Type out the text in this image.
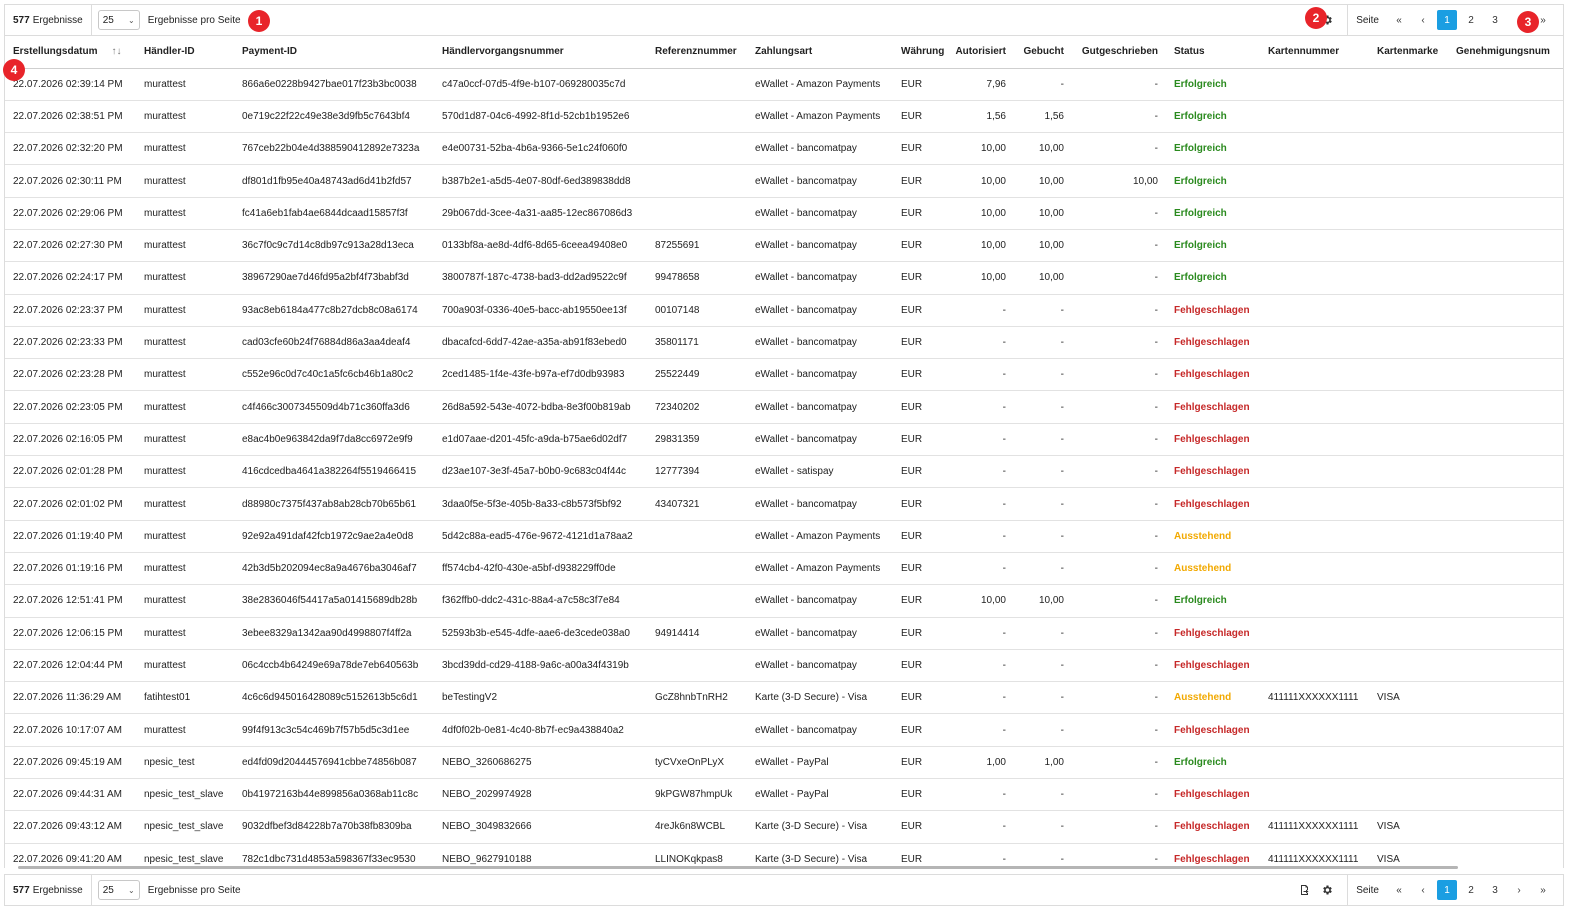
577 Ergebnisse 25 ⌄ Ergebnisse pro Seite	Seite	«	‹	1	2	3	»
1	2	3
4
Erstellungsdatum ↑↓	Händler-ID	Payment-ID	Händlervorgangsnummer	Referenznummer	Zahlungsart	Währung	Autorisiert	Gebucht	Gutgeschrieben	Status	Kartennummer	Kartenmarke	Genehmigungsnum
22.07.2026 02:39:14 PM	murattest	866a6e0228b9427bae017f23b3bc0038	c47a0ccf-07d5-4f9e-b107-069280035c7d		eWallet - Amazon Payments	EUR	7,96	-	-	Erfolgreich			
22.07.2026 02:38:51 PM	murattest	0e719c22f22c49e38e3d9fb5c7643bf4	570d1d87-04c6-4992-8f1d-52cb1b1952e6		eWallet - Amazon Payments	EUR	1,56	1,56	-	Erfolgreich			
22.07.2026 02:32:20 PM	murattest	767ceb22b04e4d388590412892e7323a	e4e00731-52ba-4b6a-9366-5e1c24f060f0		eWallet - bancomatpay	EUR	10,00	10,00	-	Erfolgreich			
22.07.2026 02:30:11 PM	murattest	df801d1fb95e40a48743ad6d41b2fd57	b387b2e1-a5d5-4e07-80df-6ed389838dd8		eWallet - bancomatpay	EUR	10,00	10,00	10,00	Erfolgreich			
22.07.2026 02:29:06 PM	murattest	fc41a6eb1fab4ae6844dcaad15857f3f	29b067dd-3cee-4a31-aa85-12ec867086d3		eWallet - bancomatpay	EUR	10,00	10,00	-	Erfolgreich			
22.07.2026 02:27:30 PM	murattest	36c7f0c9c7d14c8db97c913a28d13eca	0133bf8a-ae8d-4df6-8d65-6ceea49408e0	87255691	eWallet - bancomatpay	EUR	10,00	10,00	-	Erfolgreich			
22.07.2026 02:24:17 PM	murattest	38967290ae7d46fd95a2bf4f73babf3d	3800787f-187c-4738-bad3-dd2ad9522c9f	99478658	eWallet - bancomatpay	EUR	10,00	10,00	-	Erfolgreich			
22.07.2026 02:23:37 PM	murattest	93ac8eb6184a477c8b27dcb8c08a6174	700a903f-0336-40e5-bacc-ab19550ee13f	00107148	eWallet - bancomatpay	EUR	-	-	-	Fehlgeschlagen			
22.07.2026 02:23:33 PM	murattest	cad03cfe60b24f76884d86a3aa4deaf4	dbacafcd-6dd7-42ae-a35a-ab91f83ebed0	35801171	eWallet - bancomatpay	EUR	-	-	-	Fehlgeschlagen			
22.07.2026 02:23:28 PM	murattest	c552e96c0d7c40c1a5fc6cb46b1a80c2	2ced1485-1f4e-43fe-b97a-ef7d0db93983	25522449	eWallet - bancomatpay	EUR	-	-	-	Fehlgeschlagen			
22.07.2026 02:23:05 PM	murattest	c4f466c3007345509d4b71c360ffa3d6	26d8a592-543e-4072-bdba-8e3f00b819ab	72340202	eWallet - bancomatpay	EUR	-	-	-	Fehlgeschlagen			
22.07.2026 02:16:05 PM	murattest	e8ac4b0e963842da9f7da8cc6972e9f9	e1d07aae-d201-45fc-a9da-b75ae6d02df7	29831359	eWallet - bancomatpay	EUR	-	-	-	Fehlgeschlagen			
22.07.2026 02:01:28 PM	murattest	416cdcedba4641a382264f5519466415	d23ae107-3e3f-45a7-b0b0-9c683c04f44c	12777394	eWallet - satispay	EUR	-	-	-	Fehlgeschlagen			
22.07.2026 02:01:02 PM	murattest	d88980c7375f437ab8ab28cb70b65b61	3daa0f5e-5f3e-405b-8a33-c8b573f5bf92	43407321	eWallet - bancomatpay	EUR	-	-	-	Fehlgeschlagen			
22.07.2026 01:19:40 PM	murattest	92e92a491daf42fcb1972c9ae2a4e0d8	5d42c88a-ead5-476e-9672-4121d1a78aa2		eWallet - Amazon Payments	EUR	-	-	-	Ausstehend			
22.07.2026 01:19:16 PM	murattest	42b3d5b202094ec8a9a4676ba3046af7	ff574cb4-42f0-430e-a5bf-d938229ff0de		eWallet - Amazon Payments	EUR	-	-	-	Ausstehend			
22.07.2026 12:51:41 PM	murattest	38e2836046f54417a5a01415689db28b	f362ffb0-ddc2-431c-88a4-a7c58c3f7e84		eWallet - bancomatpay	EUR	10,00	10,00	-	Erfolgreich			
22.07.2026 12:06:15 PM	murattest	3ebee8329a1342aa90d4998807f4ff2a	52593b3b-e545-4dfe-aae6-de3cede038a0	94914414	eWallet - bancomatpay	EUR	-	-	-	Fehlgeschlagen			
22.07.2026 12:04:44 PM	murattest	06c4ccb4b64249e69a78de7eb640563b	3bcd39dd-cd29-4188-9a6c-a00a34f4319b		eWallet - bancomatpay	EUR	-	-	-	Fehlgeschlagen			
22.07.2026 11:36:29 AM	fatihtest01	4c6c6d945016428089c5152613b5c6d1	beTestingV2	GcZ8hnbTnRH2	Karte (3-D Secure) - Visa	EUR	-	-	-	Ausstehend	411111XXXXXX1111	VISA	
22.07.2026 10:17:07 AM	murattest	99f4f913c3c54c469b7f57b5d5c3d1ee	4df0f02b-0e81-4c40-8b7f-ec9a438840a2		eWallet - bancomatpay	EUR	-	-	-	Fehlgeschlagen			
22.07.2026 09:45:19 AM	npesic_test	ed4fd09d20444576941cbbe74856b087	NEBO_3260686275	tyCVxeOnPLyX	eWallet - PayPal	EUR	1,00	1,00	-	Erfolgreich			
22.07.2026 09:44:31 AM	npesic_test_slave	0b41972163b44e899856a0368ab11c8c	NEBO_2029974928	9kPGW87hmpUk	eWallet - PayPal	EUR	-	-	-	Fehlgeschlagen			
22.07.2026 09:43:12 AM	npesic_test_slave	9032dfbef3d84228b7a70b38fb8309ba	NEBO_3049832666	4reJk6n8WCBL	Karte (3-D Secure) - Visa	EUR	-	-	-	Fehlgeschlagen	411111XXXXXX1111	VISA	
22.07.2026 09:41:20 AM	npesic_test_slave	782c1dbc731d4853a598367f33ec9530	NEBO_9627910188	LLINOKqkpas8	Karte (3-D Secure) - Visa	EUR	-	-	-	Fehlgeschlagen	411111XXXXXX1111	VISA	
577 Ergebnisse 25 ⌄ Ergebnisse pro Seite	Seite	«	‹	1	2	3	›	»
